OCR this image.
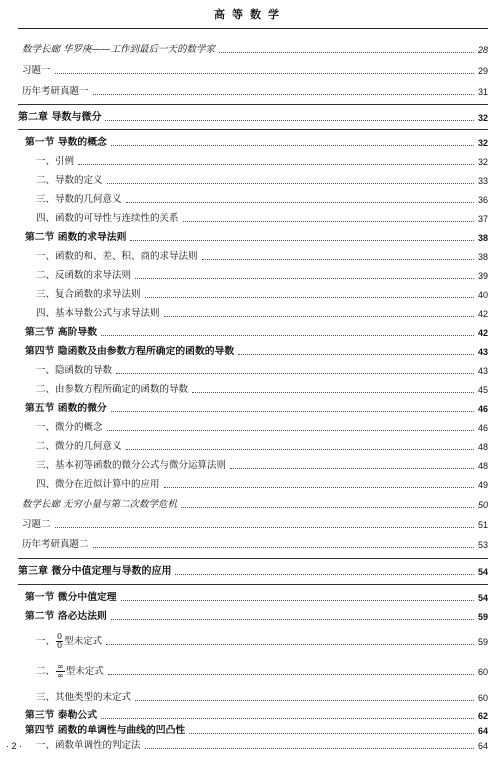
高等数学
数学长廊 华罗庚——工作到最后一天的数学家	28
习题一	29
历年考研真题一	31
第二章 导数与微分	32
第一节 导数的概念	32
一、引例	32
二、导数的定义	33
三、导数的几何意义	36
四、函数的可导性与连续性的关系	37
第二节 函数的求导法则	38
一、函数的和、差、积、商的求导法则	38
二、反函数的求导法则	39
三、复合函数的求导法则	40
四、基本导数公式与求导法则	42
第三节 高阶导数	42
第四节 隐函数及由参数方程所确定的函数的导数	43
一、隐函数的导数	43
二、由参数方程所确定的函数的导数	45
第五节 函数的微分	46
一、微分的概念	46
二、微分的几何意义	48
三、基本初等函数的微分公式与微分运算法则	48
四、微分在近似计算中的应用	49
数学长廊 无穷小量与第二次数学危机	50
习题二	51
历年考研真题二	53
第三章 微分中值定理与导数的应用	54
第一节 微分中值定理	54
第二节 洛必达法则	59
一、 $\frac{0}{0}$ 型未定式	59
二、 $\frac{\infty}{\infty}$ 型未定式	60
三、其他类型的未定式	60
第三节 泰勒公式	62
第四节 函数的单调性与曲线的凹凸性	64
一、函数单调性的判定法	64
· 2 ·
